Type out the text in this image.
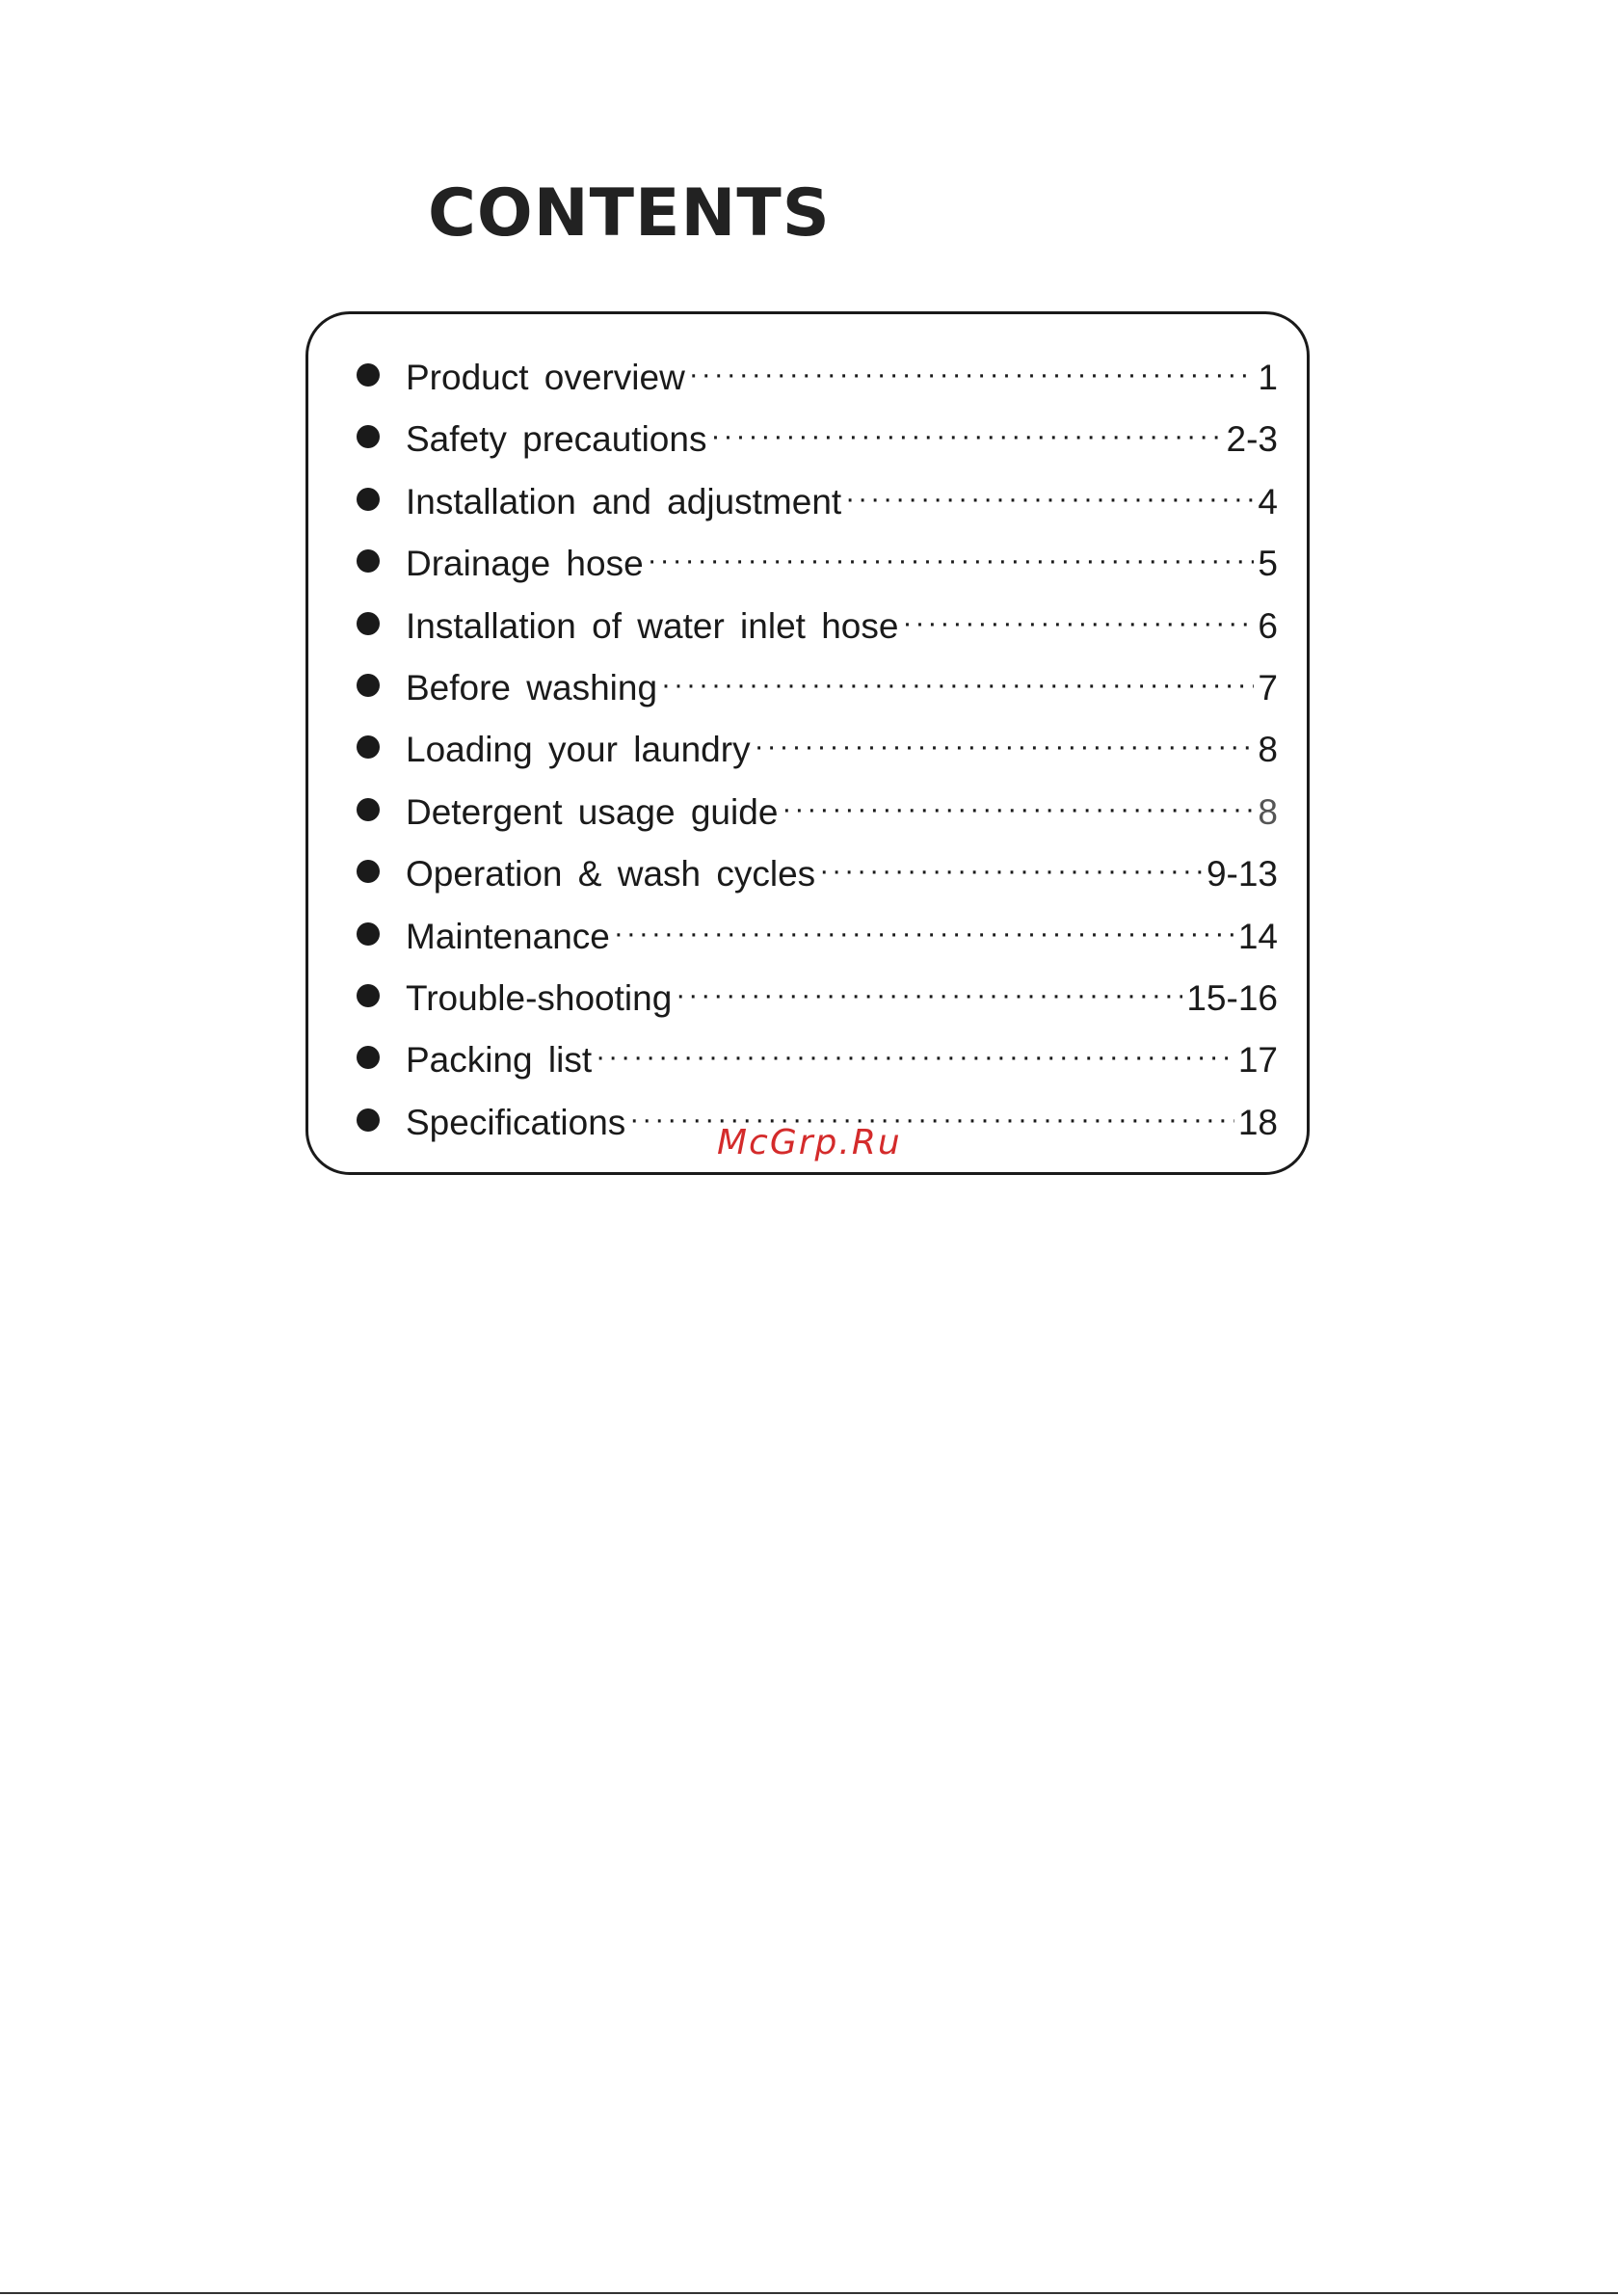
CONTENTS
Product overview ·····	1
Safety precautions ·····	2-3
Installation and adjustment ·····	4
Drainage hose ·····	5
Installation of water inlet hose ·····	6
Before washing ·····	7
Loading your laundry ·····	8
Detergent usage guide ·····	8
Operation & wash cycles ·····	9-13
Maintenance ·····	14
Trouble-shooting ·····	15-16
Packing list ·····	17
Specifications ·····	18

McGrp.Ru
